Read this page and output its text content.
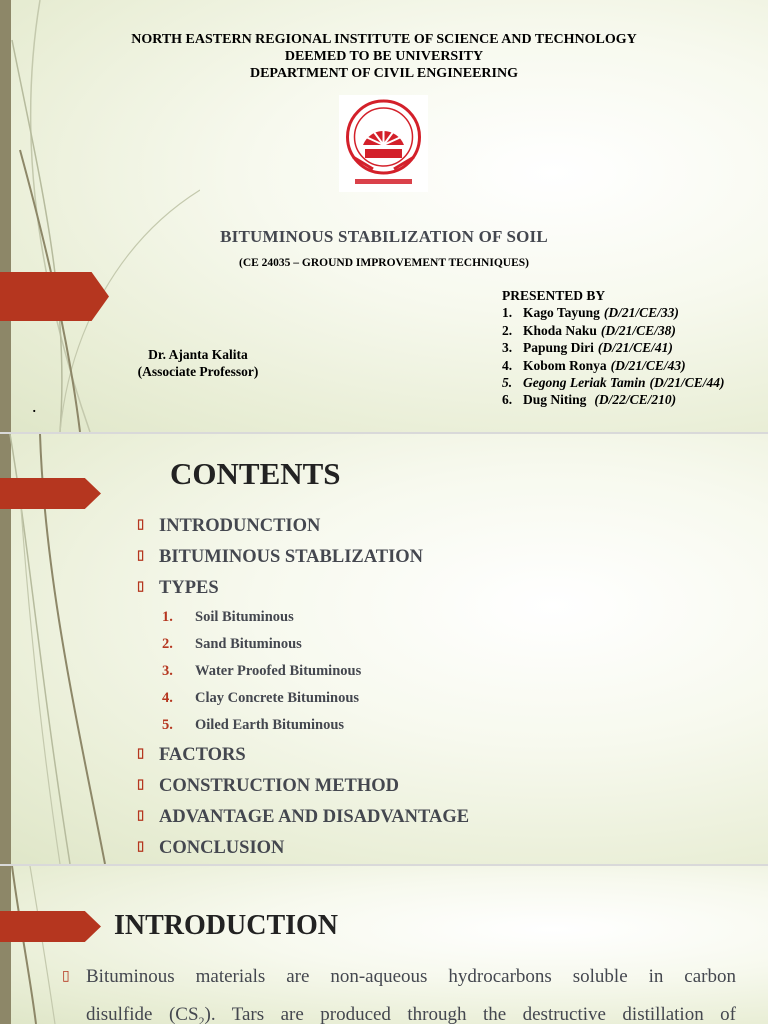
NORTH EASTERN REGIONAL INSTITUTE OF SCIENCE AND TECHNOLOGY
DEEMED TO BE UNIVERSITY
DEPARTMENT OF CIVIL ENGINEERING
BITUMINOUS STABILIZATION OF SOIL
(CE 24035 – GROUND IMPROVEMENT TECHNIQUES)
Dr. Ajanta Kalita
(Associate Professor)
PRESENTED BY
1. Kago Tayung (D/21/CE/33)
2. Khoda Naku (D/21/CE/38)
3. Papung Diri (D/21/CE/41)
4. Kobom Ronya (D/21/CE/43)
5. Gegong Leriak Tamin (D/21/CE/44)
6. Dug Niting (D/22/CE/210)
.
CONTENTS
▯ INTRODUNCTION
▯ BITUMINOUS STABLIZATION
▯ TYPES
1. Soil Bituminous
2. Sand Bituminous
3. Water Proofed Bituminous
4. Clay Concrete Bituminous
5. Oiled Earth Bituminous
▯ FACTORS
▯ CONSTRUCTION METHOD
▯ ADVANTAGE AND DISADVANTAGE
▯ CONCLUSION
INTRODUCTION
▯ Bituminous materials are non-aqueous hydrocarbons soluble in carbon
disulfide $(CS_2)$. Tars are produced through the destructive distillation of
